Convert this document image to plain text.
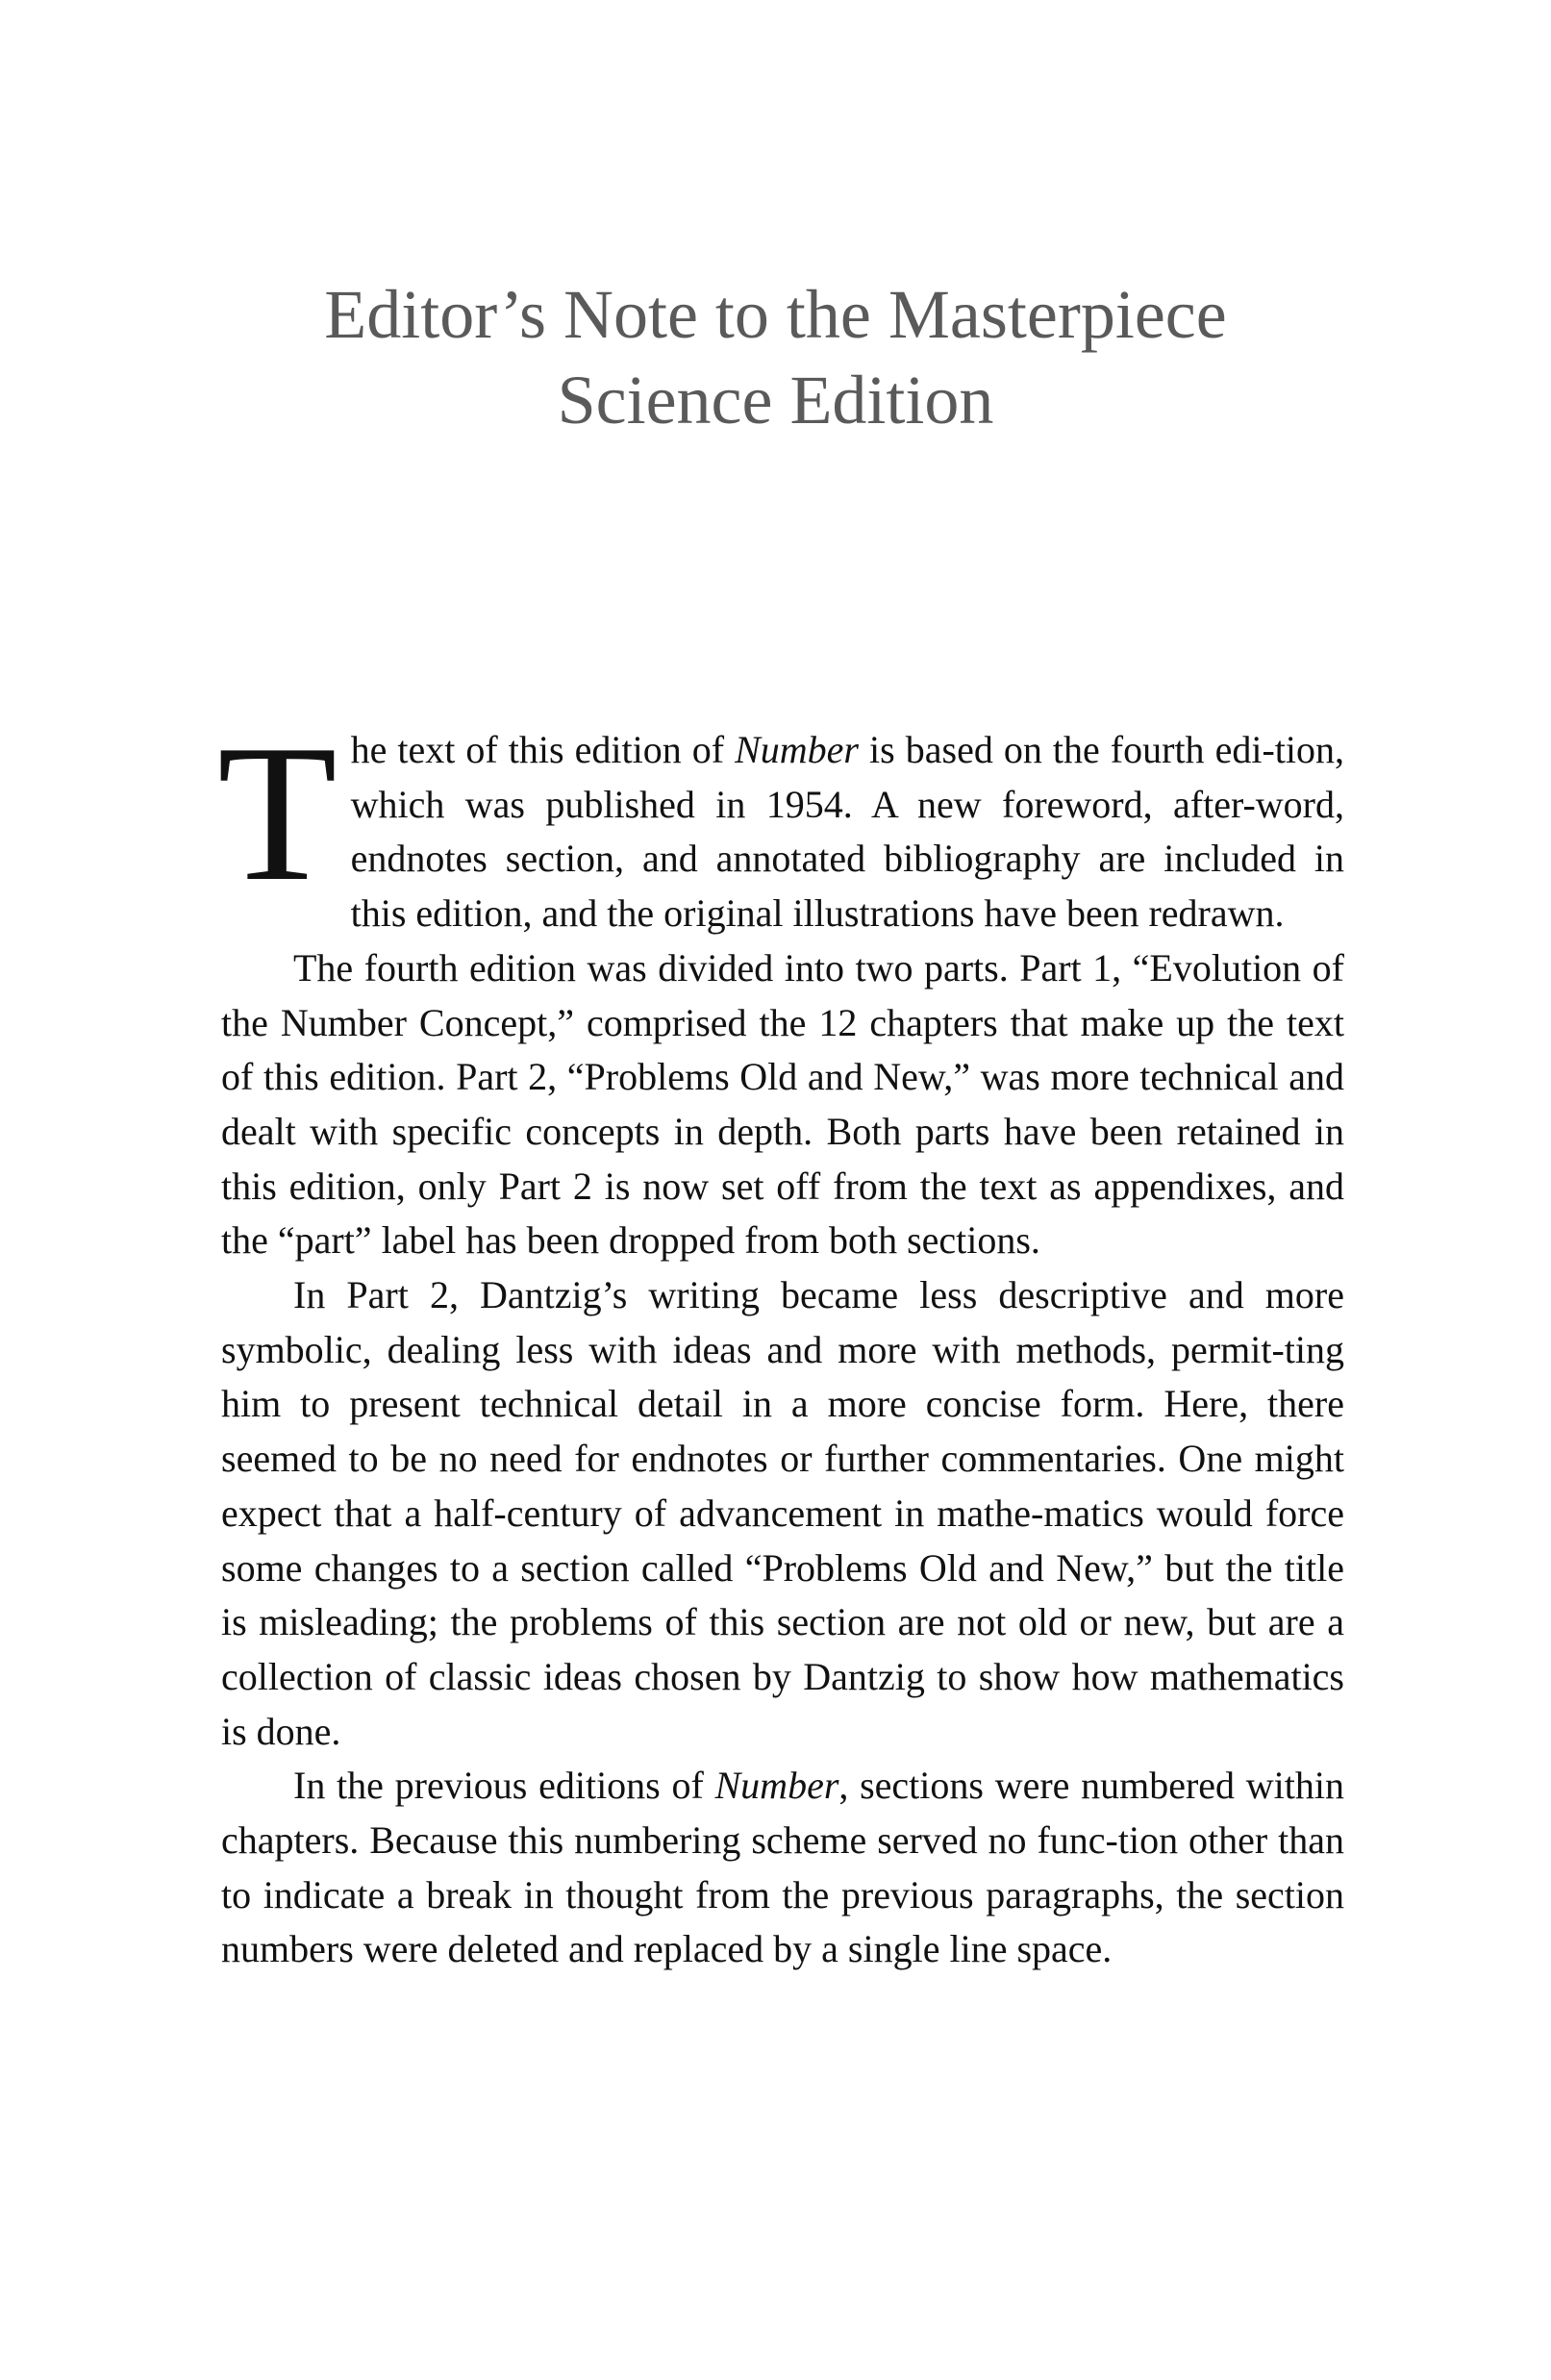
Editor’s Note to the Masterpiece
Science Edition

The text of this edition of Number is based on the fourth edi-tion, which was published in 1954. A new foreword, after-word, endnotes section, and annotated bibliography are included in this edition, and the original illustrations have been redrawn.

The fourth edition was divided into two parts. Part 1, “Evolution of the Number Concept,” comprised the 12 chapters that make up the text of this edition. Part 2, “Problems Old and New,” was more technical and dealt with specific concepts in depth. Both parts have been retained in this edition, only Part 2 is now set off from the text as appendixes, and the “part” label has been dropped from both sections.

In Part 2, Dantzig’s writing became less descriptive and more symbolic, dealing less with ideas and more with methods, permit-ting him to present technical detail in a more concise form. Here, there seemed to be no need for endnotes or further commentaries. One might expect that a half-century of advancement in mathe-matics would force some changes to a section called “Problems Old and New,” but the title is misleading; the problems of this section are not old or new, but are a collection of classic ideas chosen by Dantzig to show how mathematics is done.

In the previous editions of Number, sections were numbered within chapters. Because this numbering scheme served no func-tion other than to indicate a break in thought from the previous paragraphs, the section numbers were deleted and replaced by a single line space.
